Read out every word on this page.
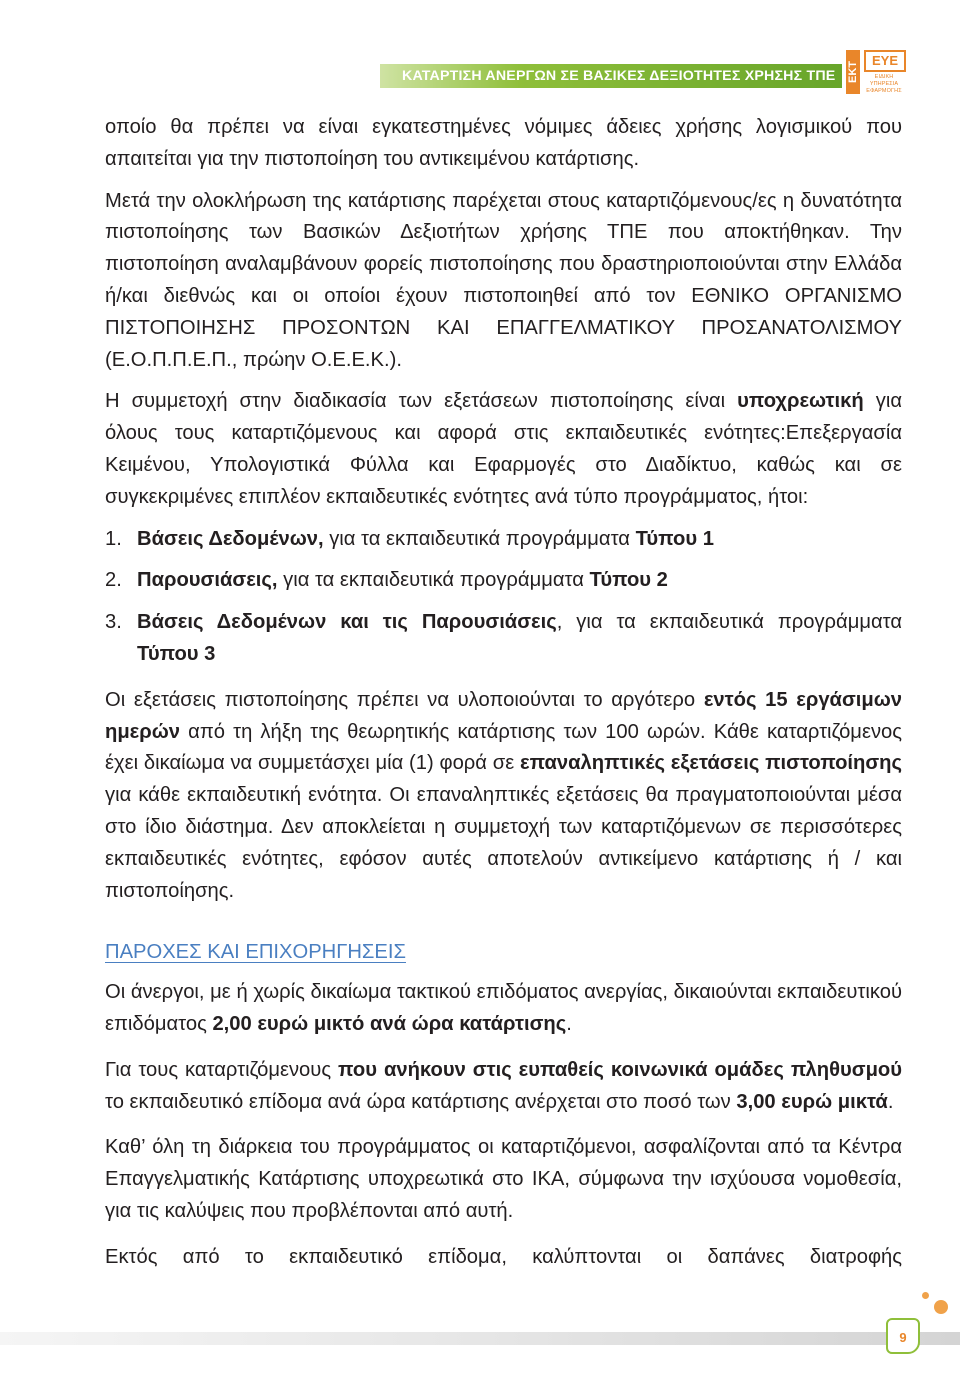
ΚΑΤΑΡΤΙΣΗ ΑΝΕΡΓΩΝ ΣΕ ΒΑΣΙΚΕΣ ΔΕΞΙΟΤΗΤΕΣ ΧΡΗΣΗΣ ΤΠΕ ΕΚΤ
ΕΥΕ
ΕΙΔΙΚΗ ΥΠΗΡΕΣΙΑ ΕΦΑΡΜΟΓΗΣ

οποίο θα πρέπει να είναι εγκατεστημένες νόμιμες άδειες χρήσης λογισμικού που απαιτείται για την πιστοποίηση του αντικειμένου κατάρτισης.

Μετά την ολοκλήρωση της κατάρτισης παρέχεται στους καταρτιζόμενους/ες η δυνατότητα πιστοποίησης των Βασικών Δεξιοτήτων χρήσης ΤΠΕ που αποκτήθηκαν. Την πιστοποίηση αναλαμβάνουν φορείς πιστοποίησης που δραστηριοποιούνται στην Ελλάδα ή/και διεθνώς και οι οποίοι έχουν πιστοποιηθεί από τον ΕΘΝΙΚΟ ΟΡΓΑΝΙΣΜΟ ΠΙΣΤΟΠΟΙΗΣΗΣ ΠΡΟΣΟΝΤΩΝ ΚΑΙ ΕΠΑΓΓΕΛΜΑΤΙΚΟΥ ΠΡΟΣΑΝΑΤΟΛΙΣΜΟΥ (Ε.Ο.Π.Π.Ε.Π., πρώην Ο.Ε.Ε.Κ.).

Η συμμετοχή στην διαδικασία των εξετάσεων πιστοποίησης είναι υποχρεωτική για όλους τους καταρτιζόμενους και αφορά στις εκπαιδευτικές ενότητες:Επεξεργασία Κειμένου, Υπολογιστικά Φύλλα και Εφαρμογές στο Διαδίκτυο, καθώς και σε συγκεκριμένες επιπλέον εκπαιδευτικές ενότητες ανά τύπο προγράμματος, ήτοι:

1. Βάσεις Δεδομένων, για τα εκπαιδευτικά προγράμματα Τύπου 1
2. Παρουσιάσεις, για τα εκπαιδευτικά προγράμματα Τύπου 2
3. Βάσεις Δεδομένων και τις Παρουσιάσεις, για τα εκπαιδευτικά προγράμματα Τύπου 3

Οι εξετάσεις πιστοποίησης πρέπει να υλοποιούνται το αργότερο εντός 15 εργάσιμων ημερών από τη λήξη της θεωρητικής κατάρτισης των 100 ωρών. Κάθε καταρτιζόμενος έχει δικαίωμα να συμμετάσχει μία (1) φορά σε επαναληπτικές εξετάσεις πιστοποίησης για κάθε εκπαιδευτική ενότητα. Οι επαναληπτικές εξετάσεις θα πραγματοποιούνται μέσα στο ίδιο διάστημα. Δεν αποκλείεται η συμμετοχή των καταρτιζόμενων σε περισσότερες εκπαιδευτικές ενότητες, εφόσον αυτές αποτελούν αντικείμενο κατάρτισης ή / και πιστοποίησης.

ΠΑΡΟΧΕΣ ΚΑΙ ΕΠΙΧΟΡΗΓΗΣΕΙΣ

Οι άνεργοι, με ή χωρίς δικαίωμα τακτικού επιδόματος ανεργίας, δικαιούνται εκπαιδευτικού επιδόματος 2,00 ευρώ μικτό ανά ώρα κατάρτισης.

Για τους καταρτιζόμενους που ανήκουν στις ευπαθείς κοινωνικά ομάδες πληθυσμού το εκπαιδευτικό επίδομα ανά ώρα κατάρτισης ανέρχεται στο ποσό των 3,00 ευρώ μικτά.

Καθ’ όλη τη διάρκεια του προγράμματος οι καταρτιζόμενοι, ασφαλίζονται από τα Κέντρα Επαγγελματικής Κατάρτισης υποχρεωτικά στο ΙΚΑ, σύμφωνα την ισχύουσα νομοθεσία, για τις καλύψεις που προβλέπονται από αυτή.

Εκτός από το εκπαιδευτικό επίδομα, καλύπτονται οι δαπάνες διατροφής

9
